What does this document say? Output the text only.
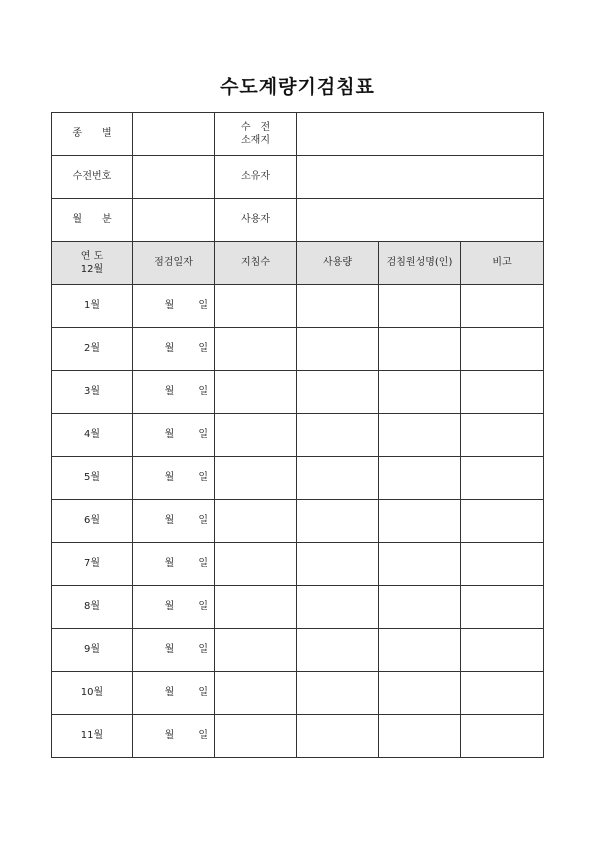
수도계량기검침표
종　　별		수　전
소재지			

수전번호		소유자			
월　　분		사용자			

연 도
12월	점검일자	지침수	사용량	검침원성명(인)	비고
1월	월 일				
2월	월 일				
3월	월 일				
4월	월 일				
5월	월 일				
6월	월 일				
7월	월 일				
8월	월 일				
9월	월 일				
10월	월 일				
11월	월 일				
